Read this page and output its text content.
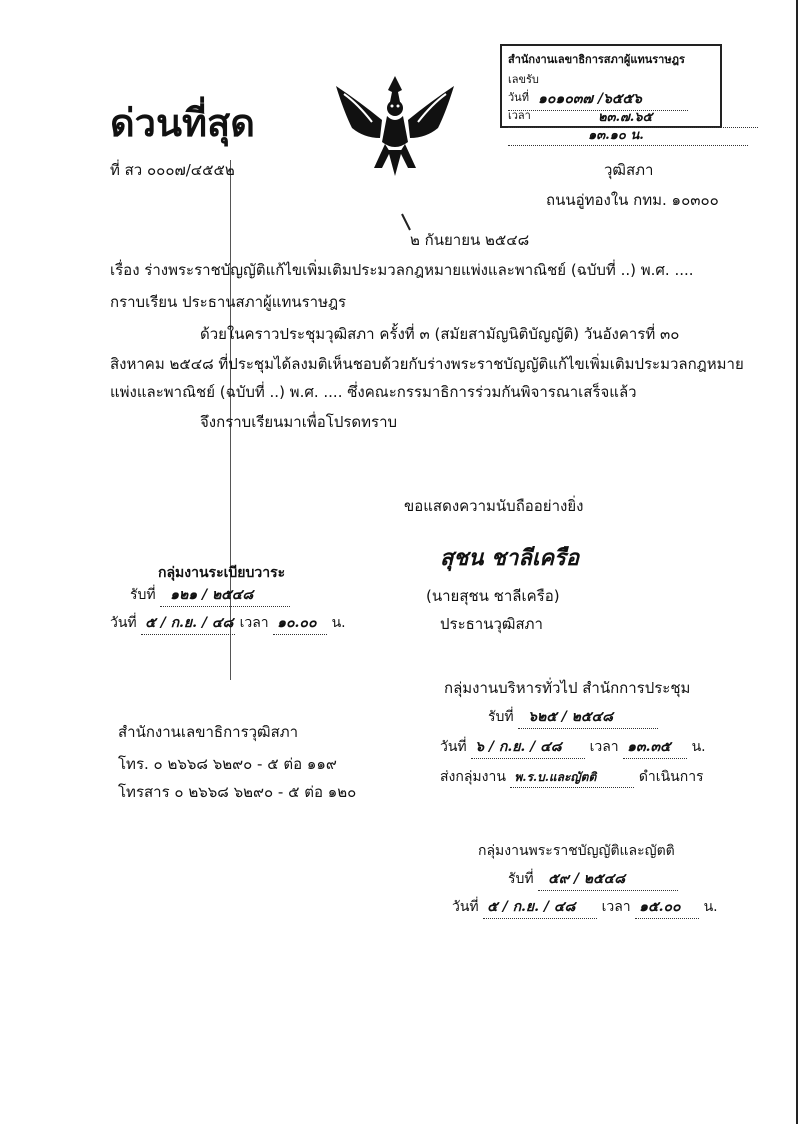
สำนักงานเลขาธิการสภาผู้แทนราษฎร
เลขรับ ๑๐๑๐๓๗ /๖๕๕๖
วันที่ ๒๓.๗.๖๕
เวลา ๑๓.๑๐ น.
ด่วนที่สุด
ที่ สว ๐๐๐๗/๔๕๕๒	วุฒิสภา
ถนนอู่ทองใน กทม. ๑๐๓๐๐
๒ กันยายน ๒๕๔๘
เรื่อง ร่างพระราชบัญญัติแก้ไขเพิ่มเติมประมวลกฎหมายแพ่งและพาณิชย์ (ฉบับที่ ..) พ.ศ. ....
กราบเรียน ประธานสภาผู้แทนราษฎร
ด้วยในคราวประชุมวุฒิสภา ครั้งที่ ๓ (สมัยสามัญนิติบัญญัติ) วันอังคารที่ ๓๐
สิงหาคม ๒๕๔๘ ที่ประชุมได้ลงมติเห็นชอบด้วยกับร่างพระราชบัญญัติแก้ไขเพิ่มเติมประมวลกฎหมาย
แพ่งและพาณิชย์ (ฉบับที่ ..) พ.ศ. .... ซึ่งคณะกรรมาธิการร่วมกันพิจารณาเสร็จแล้ว
จึงกราบเรียนมาเพื่อโปรดทราบ
ขอแสดงความนับถืออย่างยิ่ง
สุชน ชาลีเครือ
(นายสุชน ชาลีเครือ)
ประธานวุฒิสภา
กลุ่มงานระเบียบวาระ
รับที่ ๑๒๑ / ๒๕๔๘
วันที่ ๕ / ก.ย. / ๔๘ เวลา ๑๐.๐๐ น.
กลุ่มงานบริหารทั่วไป สำนักการประชุม
รับที่ ๖๒๕ / ๒๕๔๘
วันที่ ๖ / ก.ย. / ๔๘ เวลา ๑๓.๓๕ น.
ส่งกลุ่มงาน พ.ร.บ.และญัตติ	ดำเนินการ
สำนักงานเลขาธิการวุฒิสภา
โทร. ๐ ๒๖๖๘ ๖๒๙๐ - ๕ ต่อ ๑๑๙
โทรสาร ๐ ๒๖๖๘ ๖๒๙๐ - ๕ ต่อ ๑๒๐
กลุ่มงานพระราชบัญญัติและญัตติ
รับที่ ๕๙ / ๒๕๔๘
วันที่ ๕ / ก.ย. / ๔๘ เวลา ๑๕.๐๐ น.
